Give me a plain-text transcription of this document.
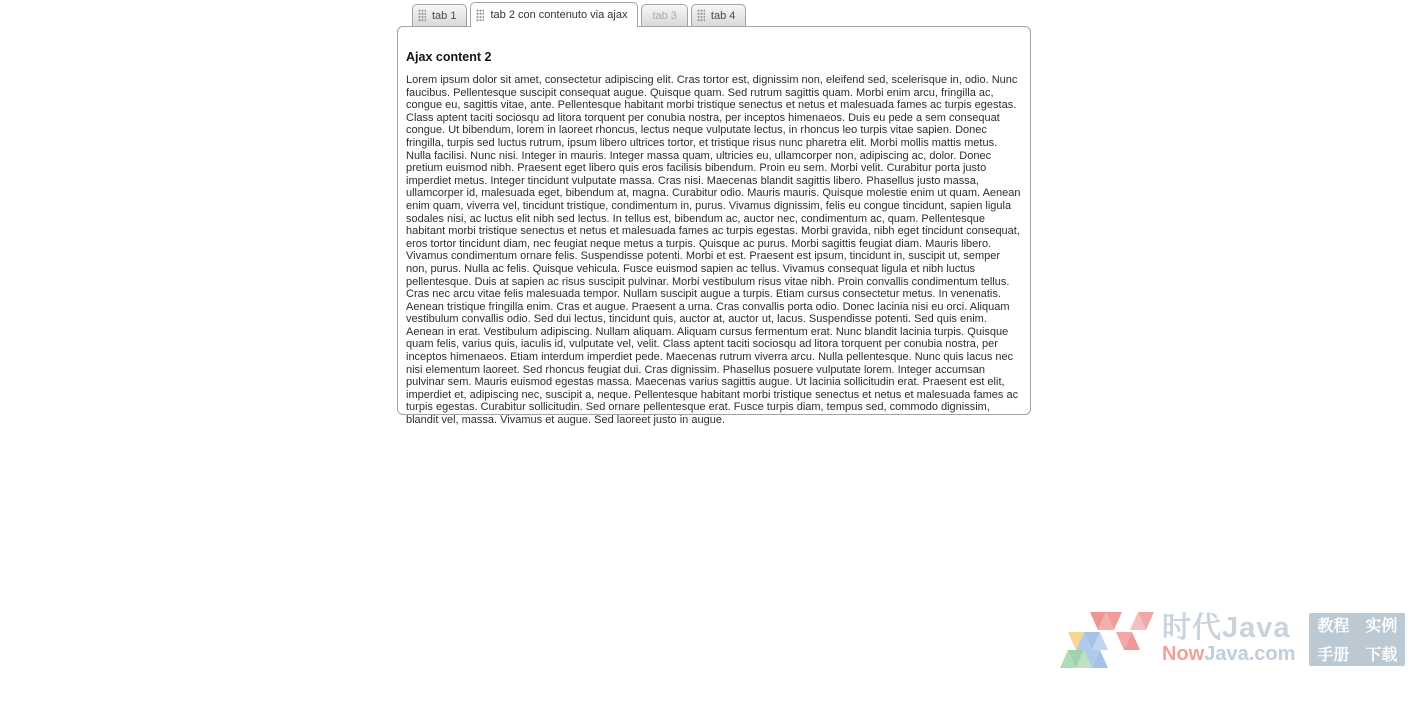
tab 1	tab 2 con contenuto via ajax tab 3	tab 4
Ajax content 2

Lorem ipsum dolor sit amet, consectetur adipiscing elit. Cras tortor est, dignissim non, eleifend sed, scelerisque in, odio. Nunc faucibus. Pellentesque suscipit consequat augue. Quisque quam. Sed rutrum sagittis quam. Morbi enim arcu, fringilla ac, congue eu, sagittis vitae, ante. Pellentesque habitant morbi tristique senectus et netus et malesuada fames ac turpis egestas. Class aptent taciti sociosqu ad litora torquent per conubia nostra, per inceptos himenaeos. Duis eu pede a sem consequat congue. Ut bibendum, lorem in laoreet rhoncus, lectus neque vulputate lectus, in rhoncus leo turpis vitae sapien. Donec fringilla, turpis sed luctus rutrum, ipsum libero ultrices tortor, et tristique risus nunc pharetra elit. Morbi mollis mattis metus. Nulla facilisi. Nunc nisi. Integer in mauris. Integer massa quam, ultricies eu, ullamcorper non, adipiscing ac, dolor. Donec pretium euismod nibh. Praesent eget libero quis eros facilisis bibendum. Proin eu sem. Morbi velit. Curabitur porta justo imperdiet metus. Integer tincidunt vulputate massa. Cras nisi. Maecenas blandit sagittis libero. Phasellus justo massa, ullamcorper id, malesuada eget, bibendum at, magna. Curabitur odio. Mauris mauris. Quisque molestie enim ut quam. Aenean enim quam, viverra vel, tincidunt tristique, condimentum in, purus. Vivamus dignissim, felis eu congue tincidunt, sapien ligula sodales nisi, ac luctus elit nibh sed lectus. In tellus est, bibendum ac, auctor nec, condimentum ac, quam. Pellentesque habitant morbi tristique senectus et netus et malesuada fames ac turpis egestas. Morbi gravida, nibh eget tincidunt consequat, eros tortor tincidunt diam, nec feugiat neque metus a turpis. Quisque ac purus. Morbi sagittis feugiat diam. Mauris libero. Vivamus condimentum ornare felis. Suspendisse potenti. Morbi et est. Praesent est ipsum, tincidunt in, suscipit ut, semper non, purus. Nulla ac felis. Quisque vehicula. Fusce euismod sapien ac tellus. Vivamus consequat ligula et nibh luctus pellentesque. Duis at sapien ac risus suscipit pulvinar. Morbi vestibulum risus vitae nibh. Proin convallis condimentum tellus. Cras nec arcu vitae felis malesuada tempor. Nullam suscipit augue a turpis. Etiam cursus consectetur metus. In venenatis. Aenean tristique fringilla enim. Cras et augue. Praesent a urna. Cras convallis porta odio. Donec lacinia nisi eu orci. Aliquam vestibulum convallis odio. Sed dui lectus, tincidunt quis, auctor at, auctor ut, lacus. Suspendisse potenti. Sed quis enim. Aenean in erat. Vestibulum adipiscing. Nullam aliquam. Aliquam cursus fermentum erat. Nunc blandit lacinia turpis. Quisque quam felis, varius quis, iaculis id, vulputate vel, velit. Class aptent taciti sociosqu ad litora torquent per conubia nostra, per inceptos himenaeos. Etiam interdum imperdiet pede. Maecenas rutrum viverra arcu. Nulla pellentesque. Nunc quis lacus nec nisi elementum laoreet. Sed rhoncus feugiat dui. Cras dignissim. Phasellus posuere vulputate lorem. Integer accumsan pulvinar sem. Mauris euismod egestas massa. Maecenas varius sagittis augue. Ut lacinia sollicitudin erat. Praesent est elit, imperdiet et, adipiscing nec, suscipit a, neque. Pellentesque habitant morbi tristique senectus et netus et malesuada fames ac turpis egestas. Curabitur sollicitudin. Sed ornare pellentesque erat. Fusce turpis diam, tempus sed, commodo dignissim, blandit vel, massa. Vivamus et augue. Sed laoreet justo in augue.

时代Java
NowJava.com
教程 实例
手册 下载
